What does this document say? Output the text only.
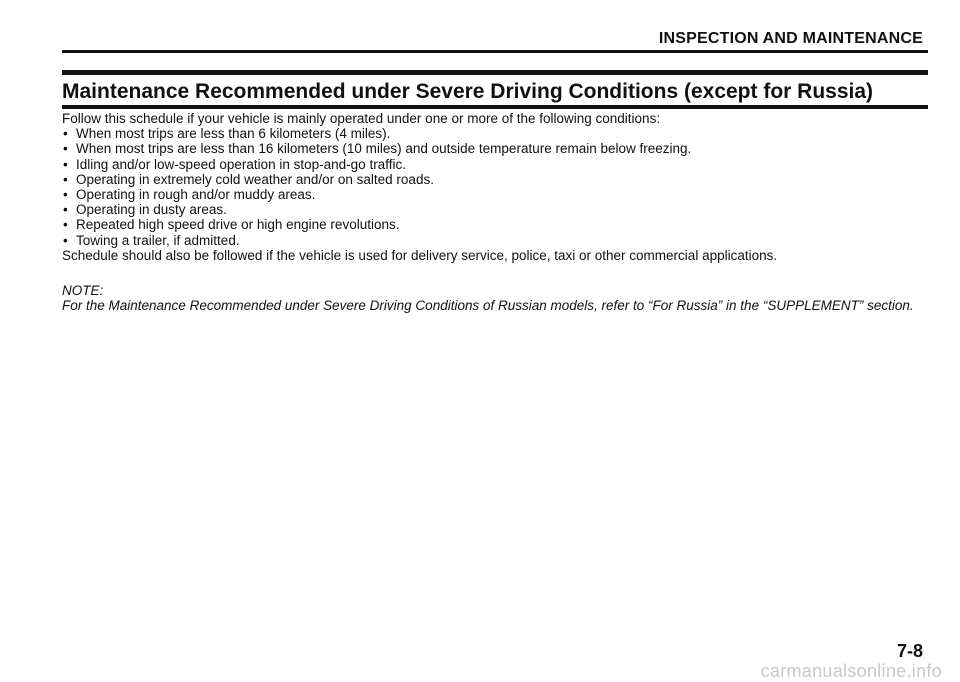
INSPECTION AND MAINTENANCE
Maintenance Recommended under Severe Driving Conditions (except for Russia)

Follow this schedule if your vehicle is mainly operated under one or more of the following conditions:

• When most trips are less than 6 kilometers (4 miles).
• When most trips are less than 16 kilometers (10 miles) and outside temperature remain below freezing.
• Idling and/or low-speed operation in stop-and-go traffic.
• Operating in extremely cold weather and/or on salted roads.
• Operating in rough and/or muddy areas.
• Operating in dusty areas.
• Repeated high speed drive or high engine revolutions.
• Towing a trailer, if admitted.

Schedule should also be followed if the vehicle is used for delivery service, police, taxi or other commercial applications.

NOTE:

For the Maintenance Recommended under Severe Driving Conditions of Russian models, refer to “For Russia” in the “SUPPLEMENT” section.

7-8
carmanualsonline.info
